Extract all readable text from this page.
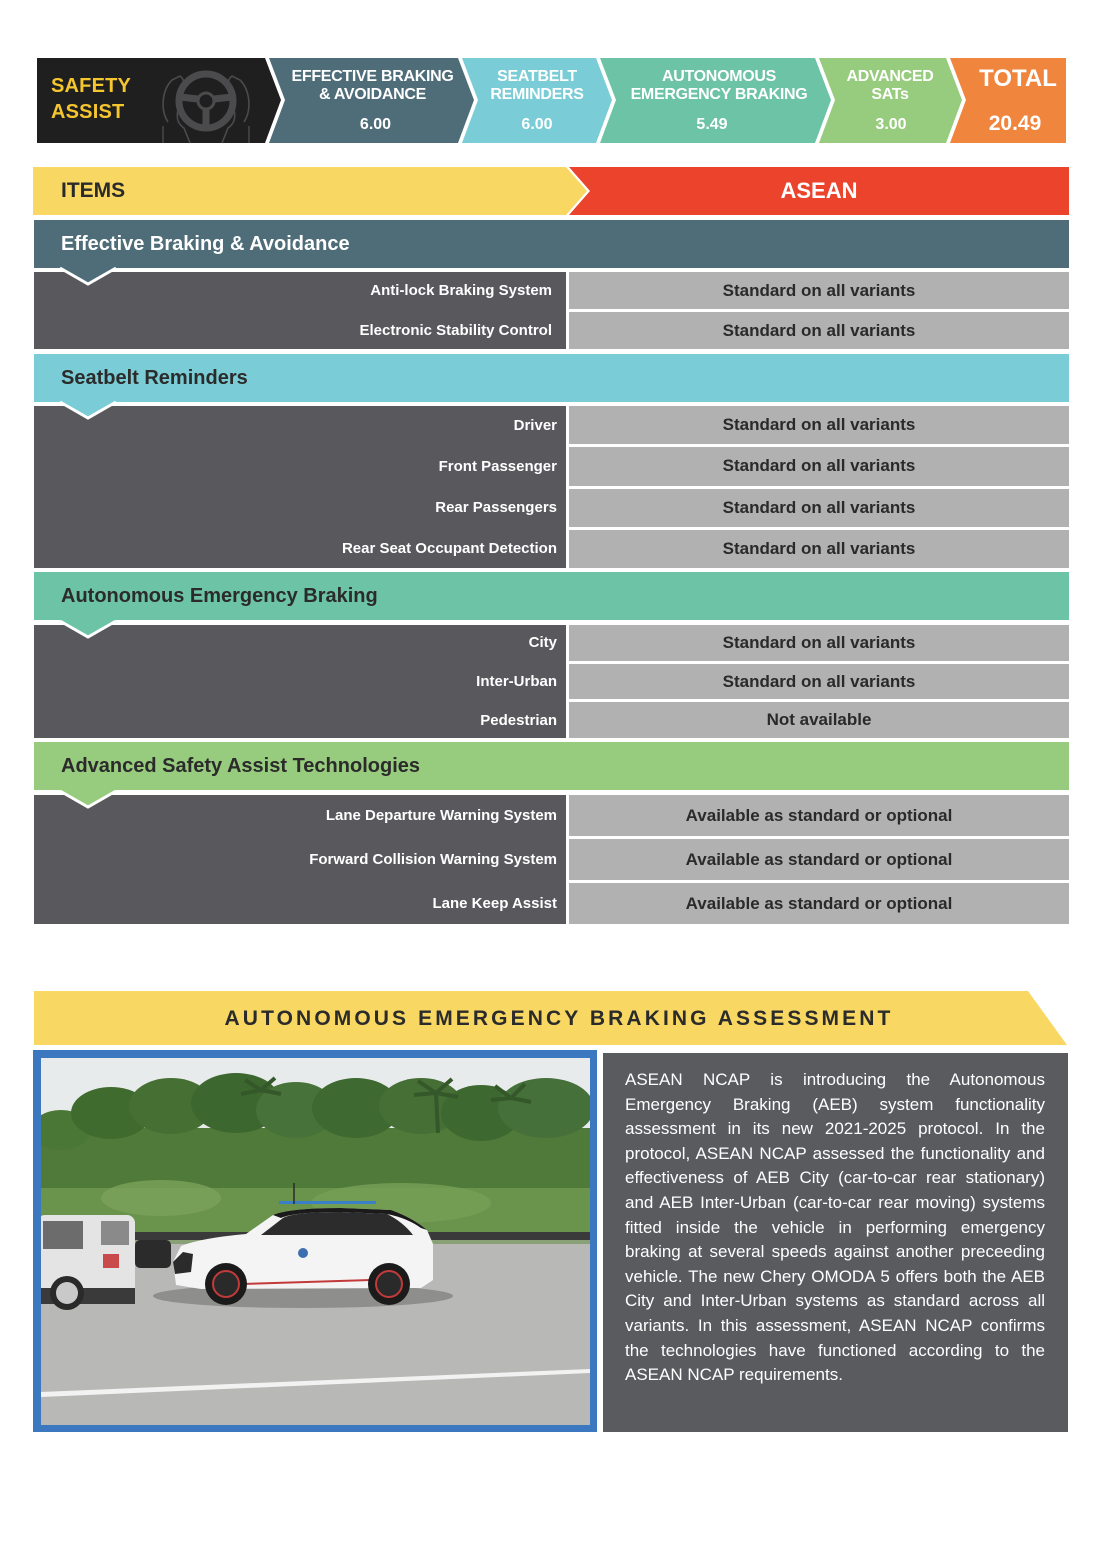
SAFETY
ASSIST
EFFECTIVE BRAKING
& AVOIDANCE
6.00
SEATBELT
REMINDERS
6.00
AUTONOMOUS
EMERGENCY BRAKING
5.49
ADVANCED
SATs
3.00
TOTAL
20.49
ITEMS	ASEAN
Effective Braking & Avoidance
Anti-lock Braking System
Electronic Stability Control
Standard on all variants
Standard on all variants
Seatbelt Reminders
Driver
Front Passenger
Rear Passengers
Rear Seat Occupant Detection
Standard on all variants
Standard on all variants
Standard on all variants
Standard on all variants
Autonomous Emergency Braking
City
Inter-Urban
Pedestrian
Standard on all variants
Standard on all variants
Not available
Advanced Safety Assist Technologies
Lane Departure Warning System
Forward Collision Warning System
Lane Keep Assist
Available as standard or optional
Available as standard or optional
Available as standard or optional
AUTONOMOUS EMERGENCY BRAKING ASSESSMENT

ASEAN NCAP is introducing the Autonomous Emergency Braking (AEB) system functionality assessment in its new 2021-2025 protocol. In the protocol, ASEAN NCAP assessed the functionality and effectiveness of AEB City (car-to-car rear stationary) and AEB Inter-Urban (car-to-car rear moving) systems fitted inside the vehicle in performing emergency braking at several speeds against another preceeding vehicle. The new Chery OMODA 5 offers both the AEB City and Inter-Urban systems as standard across all variants. In this assessment, ASEAN NCAP confirms the technologies have functioned according to the ASEAN NCAP requirements.
